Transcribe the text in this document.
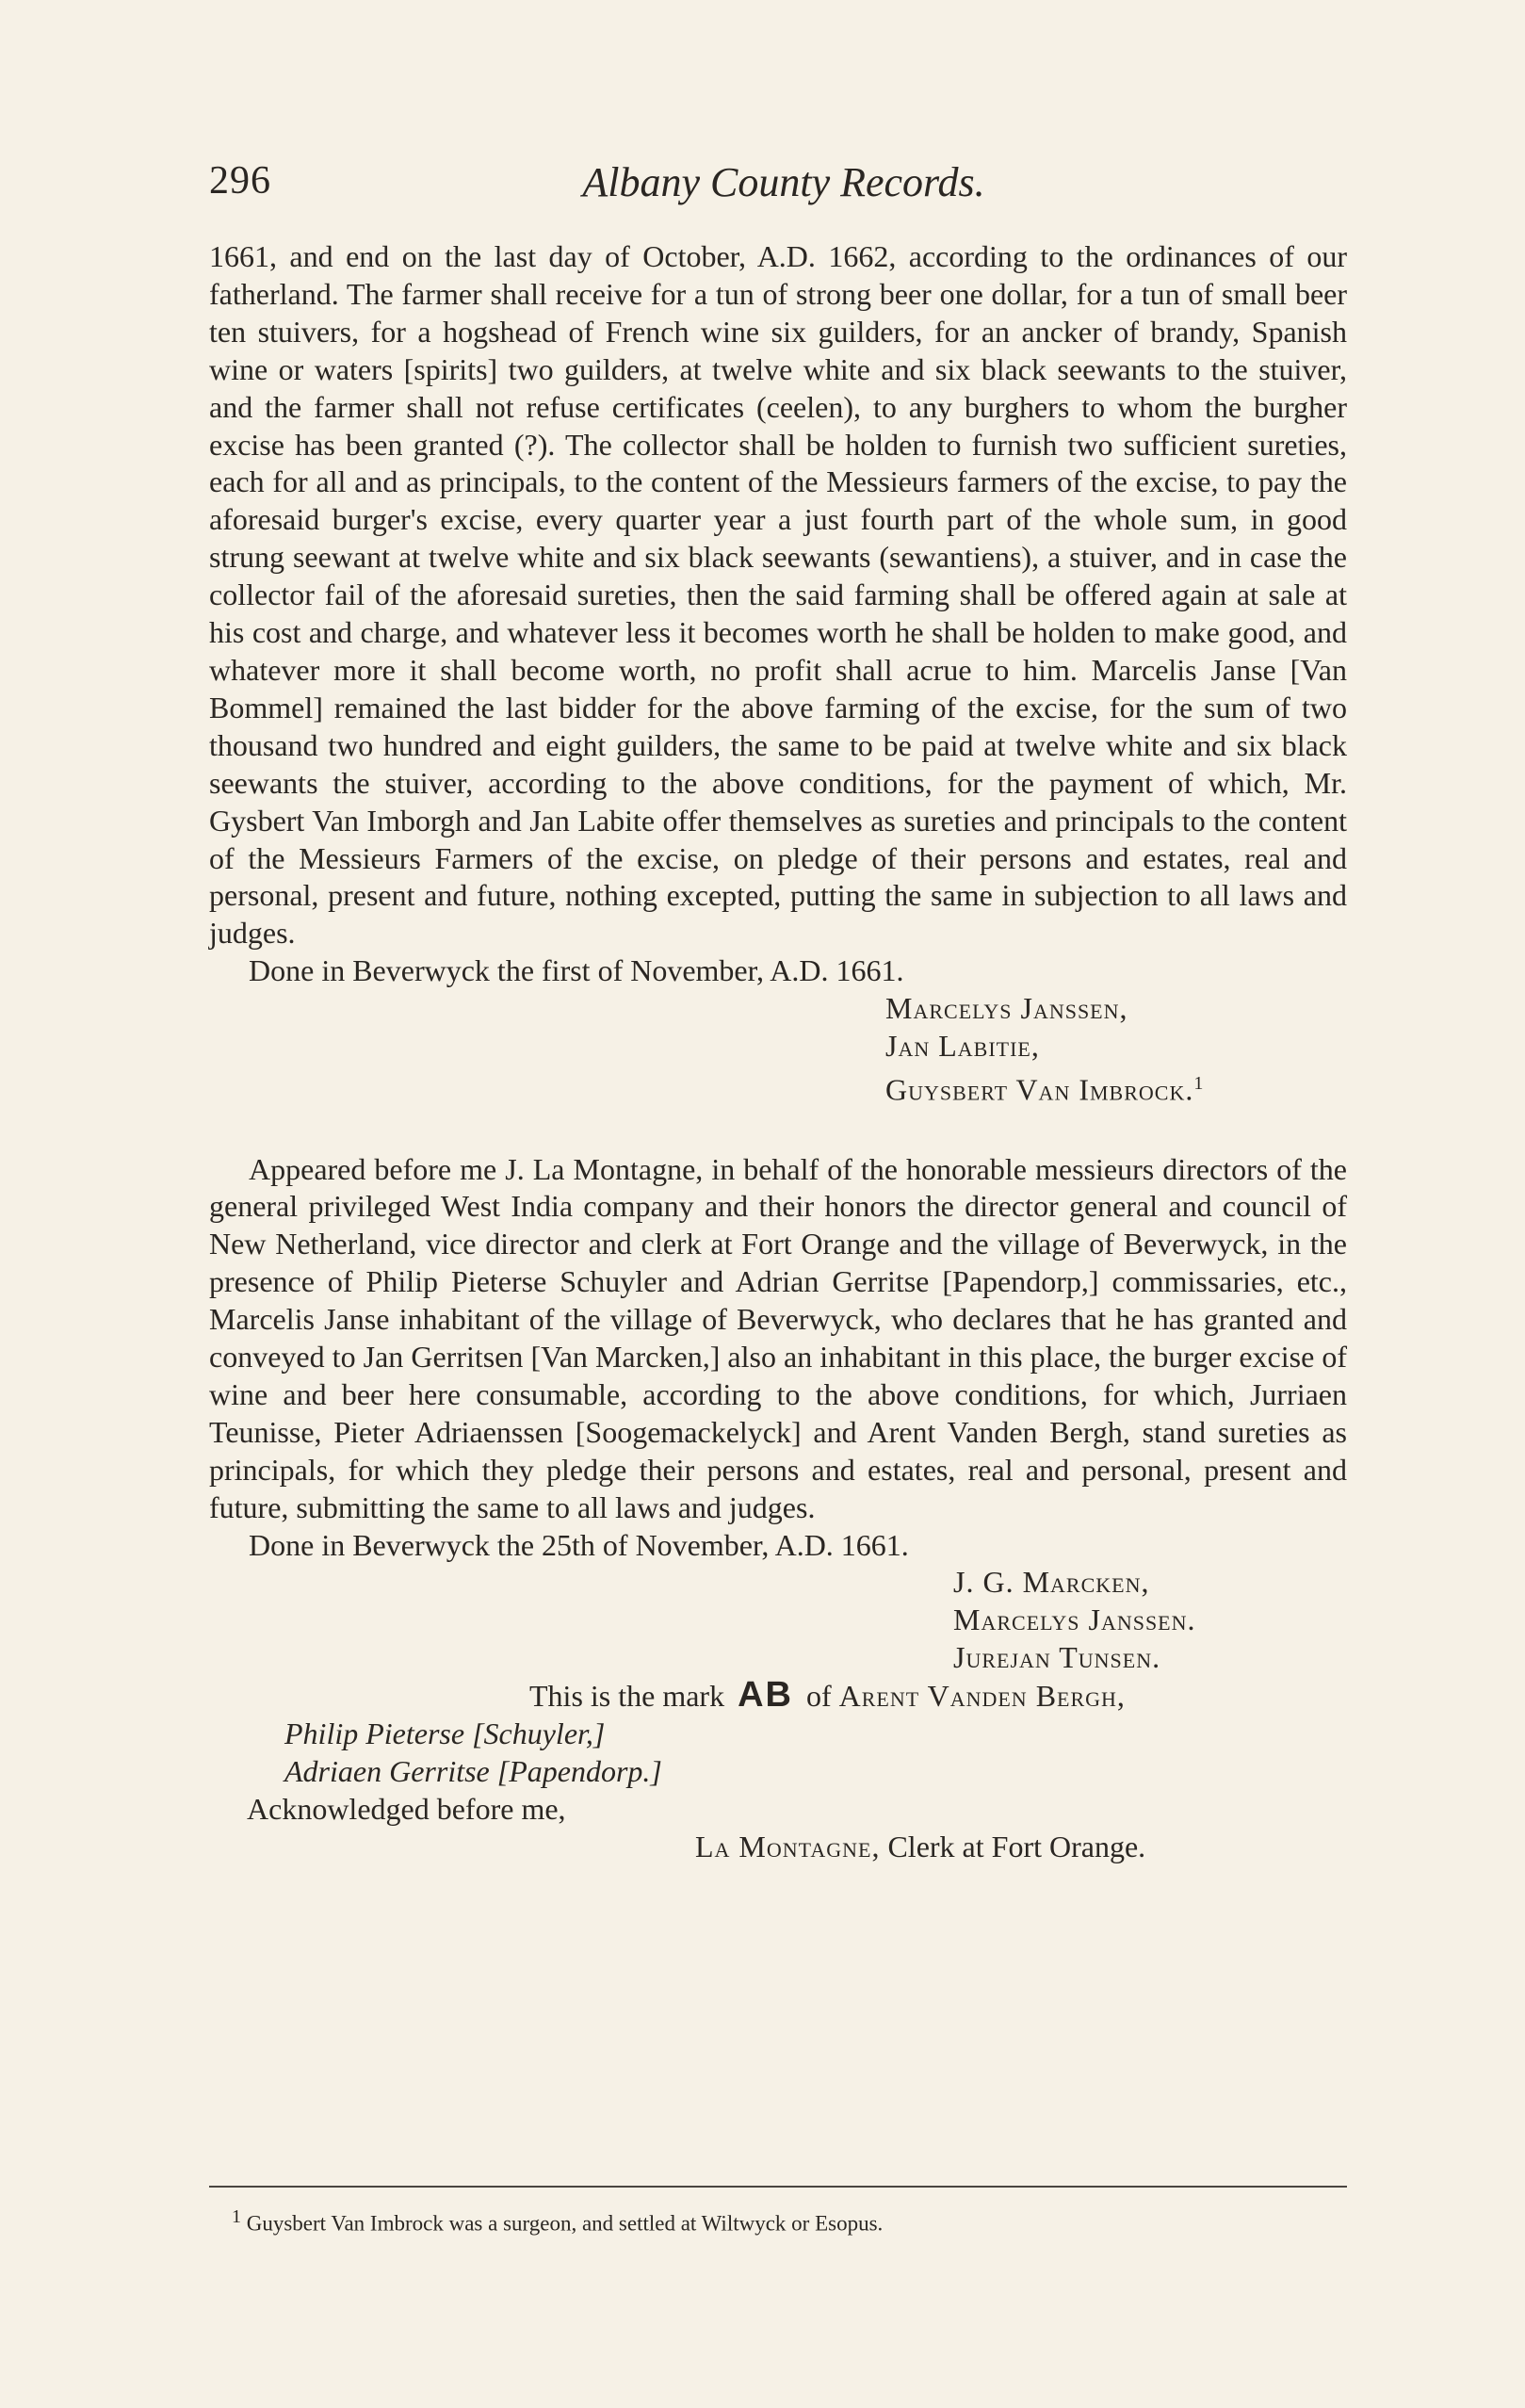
296	Albany County Records.

1661, and end on the last day of October, A.D. 1662, according to the ordinances of our fatherland. The farmer shall receive for a tun of strong beer one dollar, for a tun of small beer ten stuivers, for a hogshead of French wine six guilders, for an ancker of brandy, Spanish wine or waters [spirits] two guilders, at twelve white and six black seewants to the stuiver, and the farmer shall not refuse certificates (ceelen), to any burghers to whom the burgher excise has been granted (?). The collector shall be holden to furnish two sufficient sureties, each for all and as principals, to the content of the Messieurs farmers of the excise, to pay the aforesaid burger's excise, every quarter year a just fourth part of the whole sum, in good strung seewant at twelve white and six black seewants (sewantiens), a stuiver, and in case the collector fail of the aforesaid sureties, then the said farming shall be offered again at sale at his cost and charge, and whatever less it becomes worth he shall be holden to make good, and whatever more it shall become worth, no profit shall acrue to him. Marcelis Janse [Van Bommel] remained the last bidder for the above farming of the excise, for the sum of two thousand two hundred and eight guilders, the same to be paid at twelve white and six black seewants the stuiver, according to the above conditions, for the payment of which, Mr. Gysbert Van Imborgh and Jan Labite offer themselves as sureties and principals to the content of the Messieurs Farmers of the excise, on pledge of their persons and estates, real and personal, present and future, nothing excepted, putting the same in subjection to all laws and judges.

Done in Beverwyck the first of November, A.D. 1661.

Marcelys Janssen,

Jan Labitie,

Guysbert Van Imbrock.$^1$

Appeared before me J. La Montagne, in behalf of the honorable messieurs directors of the general privileged West India company and their honors the director general and council of New Netherland, vice director and clerk at Fort Orange and the village of Beverwyck, in the presence of Philip Pieterse Schuyler and Adrian Gerritse [Papendorp,] commissaries, etc., Marcelis Janse inhabitant of the village of Beverwyck, who declares that he has granted and conveyed to Jan Gerritsen [Van Marcken,] also an inhabitant in this place, the burger excise of wine and beer here consumable, according to the above conditions, for which, Jurriaen Teunisse, Pieter Adriaenssen [Soogemackelyck] and Arent Vanden Bergh, stand sureties as principals, for which they pledge their persons and estates, real and personal, present and future, submitting the same to all laws and judges.

Done in Beverwyck the 25th of November, A.D. 1661.

J. G. Marcken,

Marcelys Janssen.

Jurejan Tunsen.

This is the mark AB of Arent Vanden Bergh,

Philip Pieterse [Schuyler,]

Adriaen Gerritse [Papendorp.]

Acknowledged before me,

La Montagne, Clerk at Fort Orange.

1 Guysbert Van Imbrock was a surgeon, and settled at Wiltwyck or Esopus.
